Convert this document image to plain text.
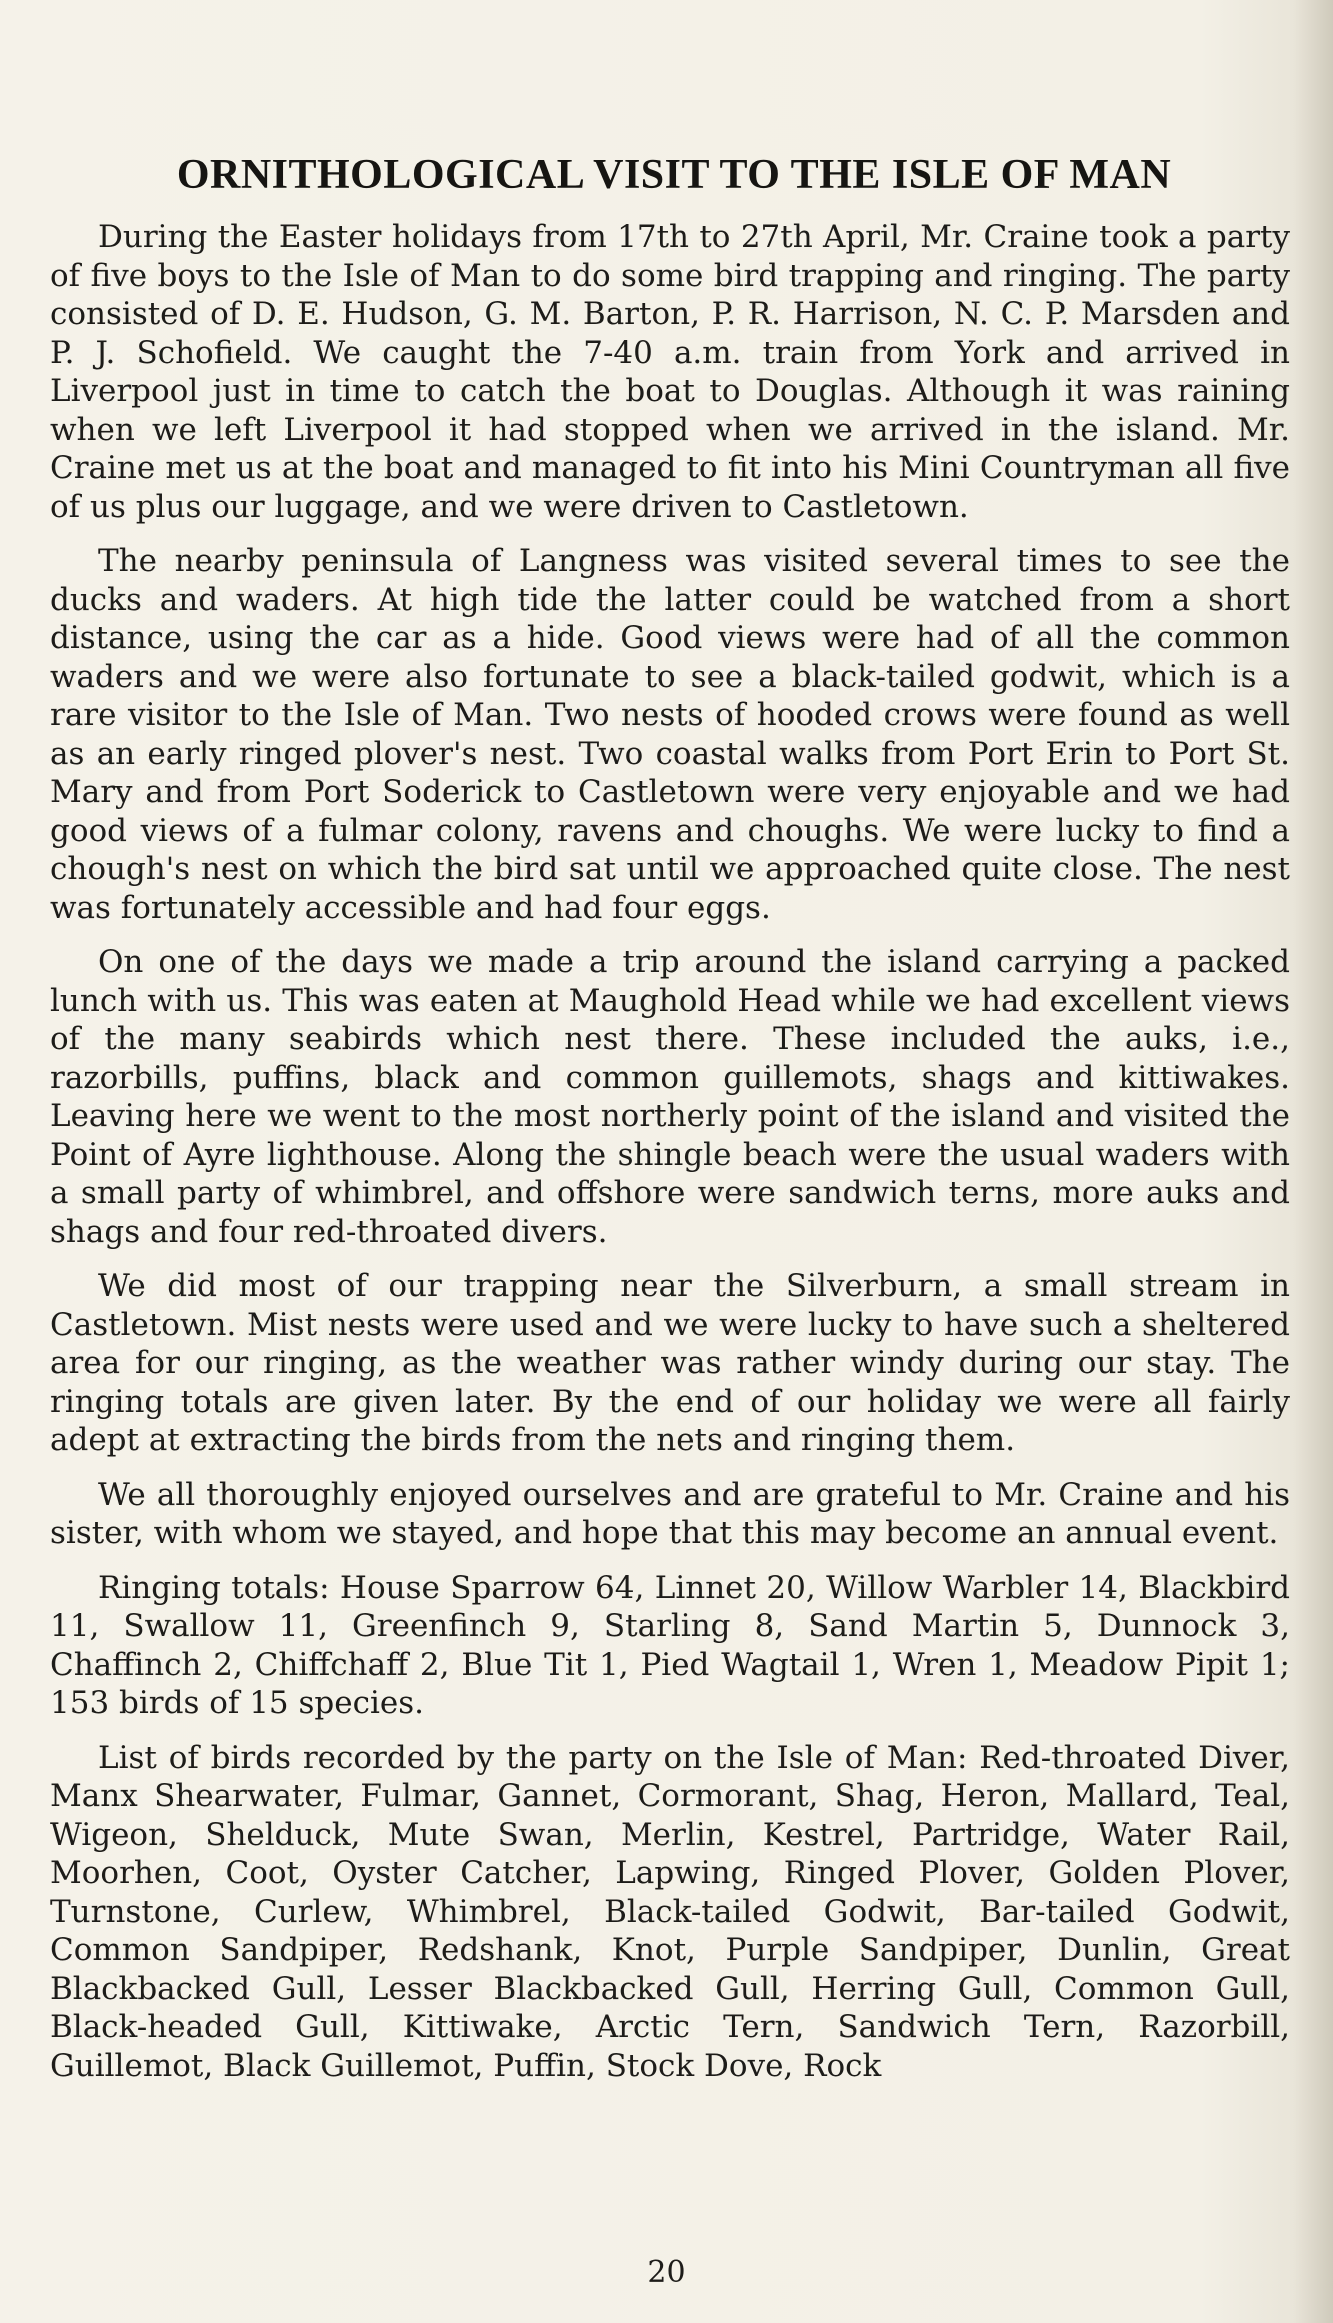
ORNITHOLOGICAL VISIT TO THE ISLE OF MAN

During the Easter holidays from 17th to 27th April, Mr. Craine took a party of five boys to the Isle of Man to do some bird trapping and ringing. The party consisted of D. E. Hudson, G. M. Barton, P. R. Harrison, N. C. P. Marsden and P. J. Schofield. We caught the 7-40 a.m. train from York and arrived in Liverpool just in time to catch the boat to Douglas. Although it was raining when we left Liverpool it had stopped when we arrived in the island. Mr. Craine met us at the boat and managed to fit into his Mini Countryman all five of us plus our luggage, and we were driven to Castletown.

The nearby peninsula of Langness was visited several times to see the ducks and waders. At high tide the latter could be watched from a short distance, using the car as a hide. Good views were had of all the common waders and we were also fortunate to see a black-tailed godwit, which is a rare visitor to the Isle of Man. Two nests of hooded crows were found as well as an early ringed plover's nest. Two coastal walks from Port Erin to Port St. Mary and from Port Soderick to Castletown were very enjoyable and we had good views of a fulmar colony, ravens and choughs. We were lucky to find a chough's nest on which the bird sat until we approached quite close. The nest was fortunately accessible and had four eggs.

On one of the days we made a trip around the island carrying a packed lunch with us. This was eaten at Maughold Head while we had excellent views of the many seabirds which nest there. These included the auks, i.e., razorbills, puffins, black and common guillemots, shags and kittiwakes. Leaving here we went to the most northerly point of the island and visited the Point of Ayre lighthouse. Along the shingle beach were the usual waders with a small party of whimbrel, and offshore were sandwich terns, more auks and shags and four red-throated divers.

We did most of our trapping near the Silverburn, a small stream in Castletown. Mist nests were used and we were lucky to have such a sheltered area for our ringing, as the weather was rather windy during our stay. The ringing totals are given later. By the end of our holiday we were all fairly adept at extracting the birds from the nets and ringing them.

We all thoroughly enjoyed ourselves and are grateful to Mr. Craine and his sister, with whom we stayed, and hope that this may become an annual event.

Ringing totals: House Sparrow 64, Linnet 20, Willow Warbler 14, Blackbird 11, Swallow 11, Greenfinch 9, Starling 8, Sand Martin 5, Dunnock 3, Chaffinch 2, Chiffchaff 2, Blue Tit 1, Pied Wagtail 1, Wren 1, Meadow Pipit 1; 153 birds of 15 species.

List of birds recorded by the party on the Isle of Man: Red-throated Diver, Manx Shearwater, Fulmar, Gannet, Cormorant, Shag, Heron, Mallard, Teal, Wigeon, Shelduck, Mute Swan, Merlin, Kestrel, Partridge, Water Rail, Moorhen, Coot, Oyster Catcher, Lapwing, Ringed Plover, Golden Plover, Turnstone, Curlew, Whimbrel, Black-tailed Godwit, Bar-tailed Godwit, Common Sandpiper, Redshank, Knot, Purple Sandpiper, Dunlin, Great Blackbacked Gull, Lesser Blackbacked Gull, Herring Gull, Common Gull, Black-headed Gull, Kittiwake, Arctic Tern, Sandwich Tern, Razorbill, Guillemot, Black Guillemot, Puffin, Stock Dove, Rock

20
